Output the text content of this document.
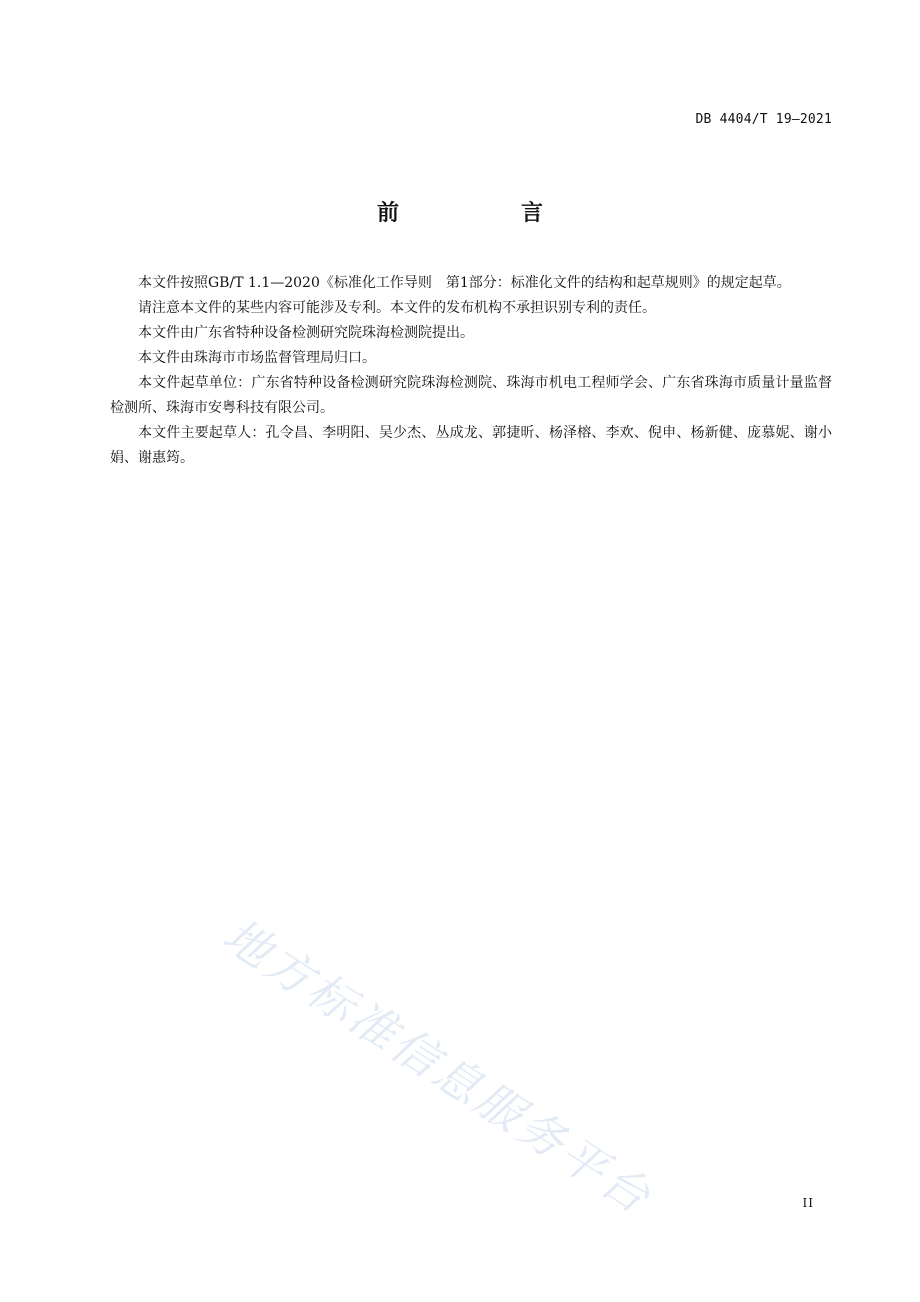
DB 4404/T 19—2021
前　言

本文件按照GB/T 1.1—2020《标准化工作导则　第1部分：标准化文件的结构和起草规则》的规定起草。

请注意本文件的某些内容可能涉及专利。本文件的发布机构不承担识别专利的责任。

本文件由广东省特种设备检测研究院珠海检测院提出。

本文件由珠海市市场监督管理局归口。

本文件起草单位：广东省特种设备检测研究院珠海检测院、珠海市机电工程师学会、广东省珠海市质量计量监督检测所、珠海市安粤科技有限公司。

本文件主要起草人：孔令昌、李明阳、吴少杰、丛成龙、郭捷昕、杨泽榕、李欢、倪申、杨新健、庞慕妮、谢小娟、谢惠筠。

地方标准信息服务平台	II
